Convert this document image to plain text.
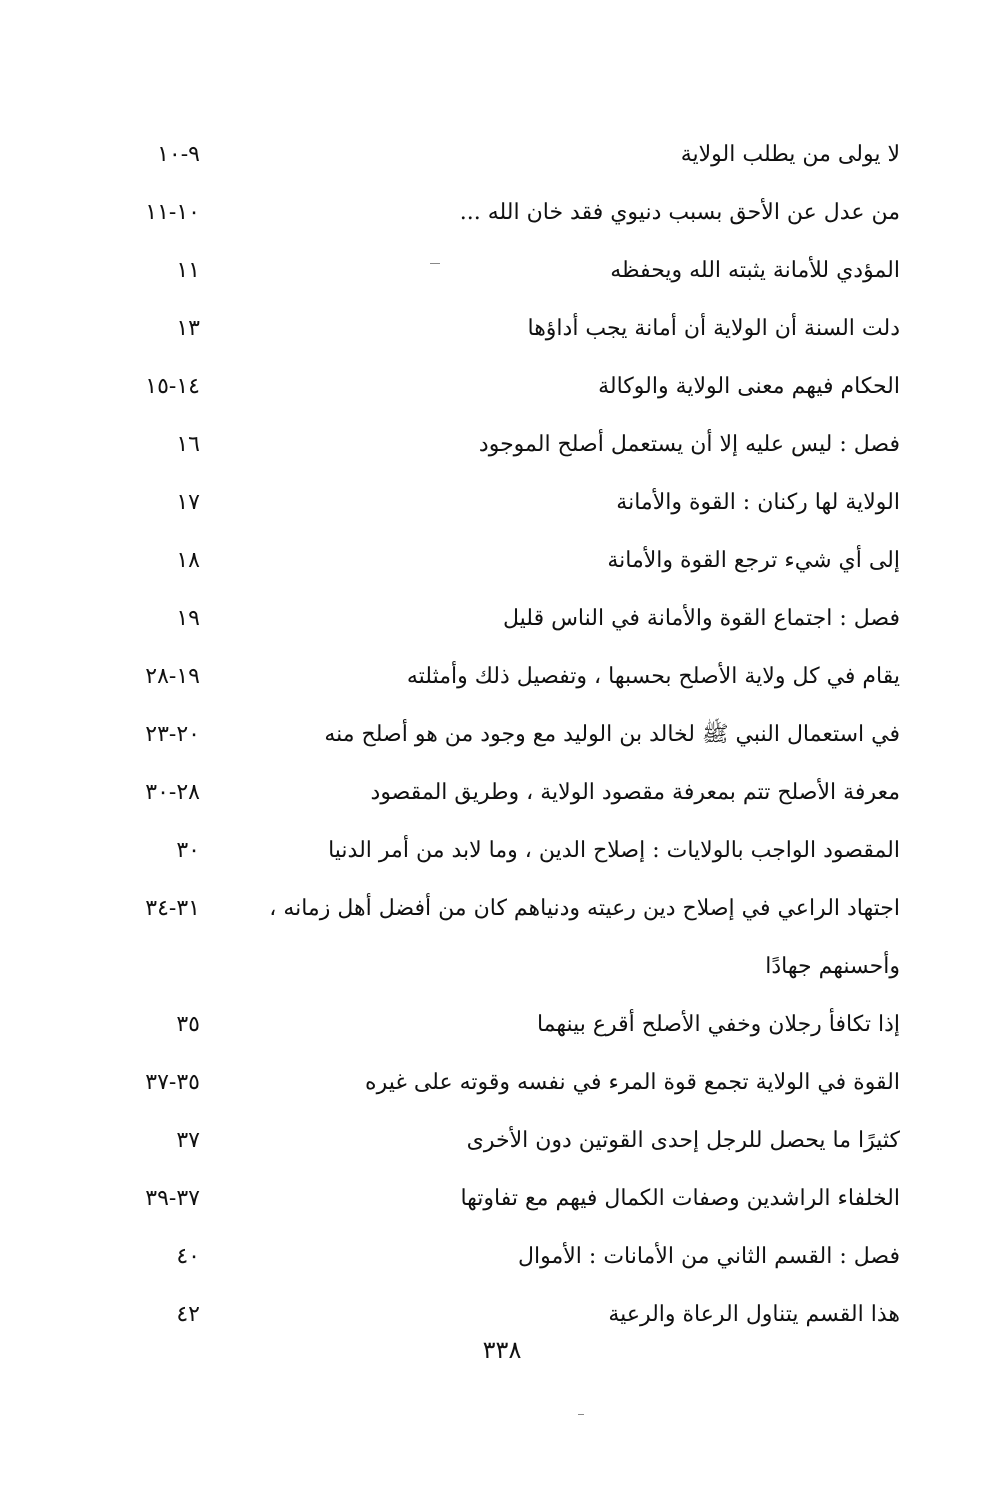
لا يولى من يطلب الولاية
٩-١٠
من عدل عن الأحق بسبب دنيوي فقد خان الله ...
١٠-١١
المؤدي للأمانة يثبته الله ويحفظه
١١
دلت السنة أن الولاية أن أمانة يجب أداؤها
١٣
الحكام فيهم معنى الولاية والوكالة
١٤-١٥
فصل : ليس عليه إلا أن يستعمل أصلح الموجود
١٦
الولاية لها ركنان : القوة والأمانة
١٧
إلى أي شيء ترجع القوة والأمانة
١٨
فصل : اجتماع القوة والأمانة في الناس قليل
١٩
يقام في كل ولاية الأصلح بحسبها ، وتفصيل ذلك وأمثلته
١٩-٢٨
في استعمال النبي ﷺ لخالد بن الوليد مع وجود من هو أصلح منه
٢٠-٢٣
معرفة الأصلح تتم بمعرفة مقصود الولاية ، وطريق المقصود
٢٨-٣٠
المقصود الواجب بالولايات : إصلاح الدين ، وما لابد من أمر الدنيا
٣٠
اجتهاد الراعي في إصلاح دين رعيته ودنياهم كان من أفضل أهل زمانه ، وأحسنهم جهادًا
٣١-٣٤
إذا تكافأ رجلان وخفي الأصلح أقرع بينهما
٣٥
القوة في الولاية تجمع قوة المرء في نفسه وقوته على غيره
٣٥-٣٧
كثيرًا ما يحصل للرجل إحدى القوتين دون الأخرى
٣٧
الخلفاء الراشدين وصفات الكمال فيهم مع تفاوتها
٣٧-٣٩
فصل : القسم الثاني من الأمانات : الأموال
٤٠
هذا القسم يتناول الرعاة والرعية
٤٢
٣٣٨
